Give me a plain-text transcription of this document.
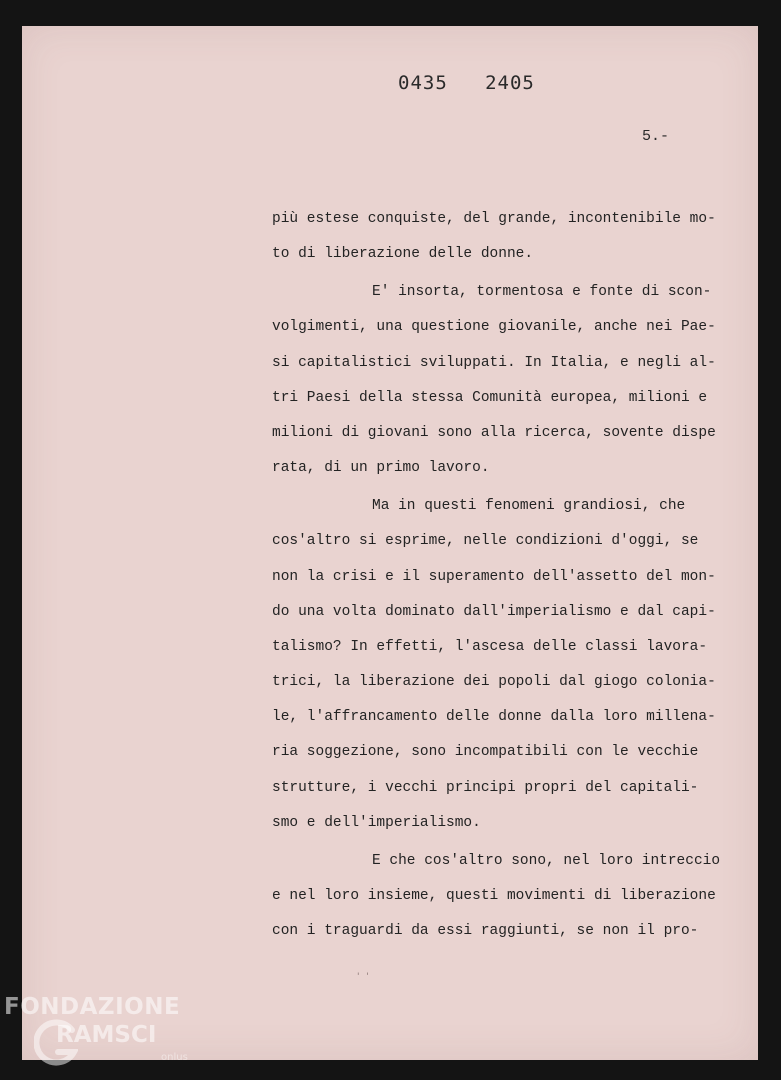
0435   2405
5.-
più estese conquiste, del grande, incontenibile mo-
to di liberazione delle donne.
E' insorta, tormentosa e fonte di scon-
volgimenti, una questione giovanile, anche nei Pae-
si capitalistici sviluppati. In Italia, e negli al-
tri Paesi della stessa Comunità europea, milioni e
milioni di giovani sono alla ricerca, sovente dispe
rata, di un primo lavoro.
Ma in questi fenomeni grandiosi, che
cos'altro si esprime, nelle condizioni d'oggi, se
non la crisi e il superamento dell'assetto del mon-
do una volta dominato dall'imperialismo e dal capi-
talismo? In effetti, l'ascesa delle classi lavora-
trici, la liberazione dei popoli dal giogo colonia-
le, l'affrancamento delle donne dalla loro millena-
ria soggezione, sono incompatibili con le vecchie
strutture, i vecchi principi propri del capitali-
smo e dell'imperialismo.
E che cos'altro sono, nel loro intreccio
e nel loro insieme, questi movimenti di liberazione
con i traguardi da essi raggiunti, se non il pro-
' '
FONDAZIONE
RAMSCI
onlus
